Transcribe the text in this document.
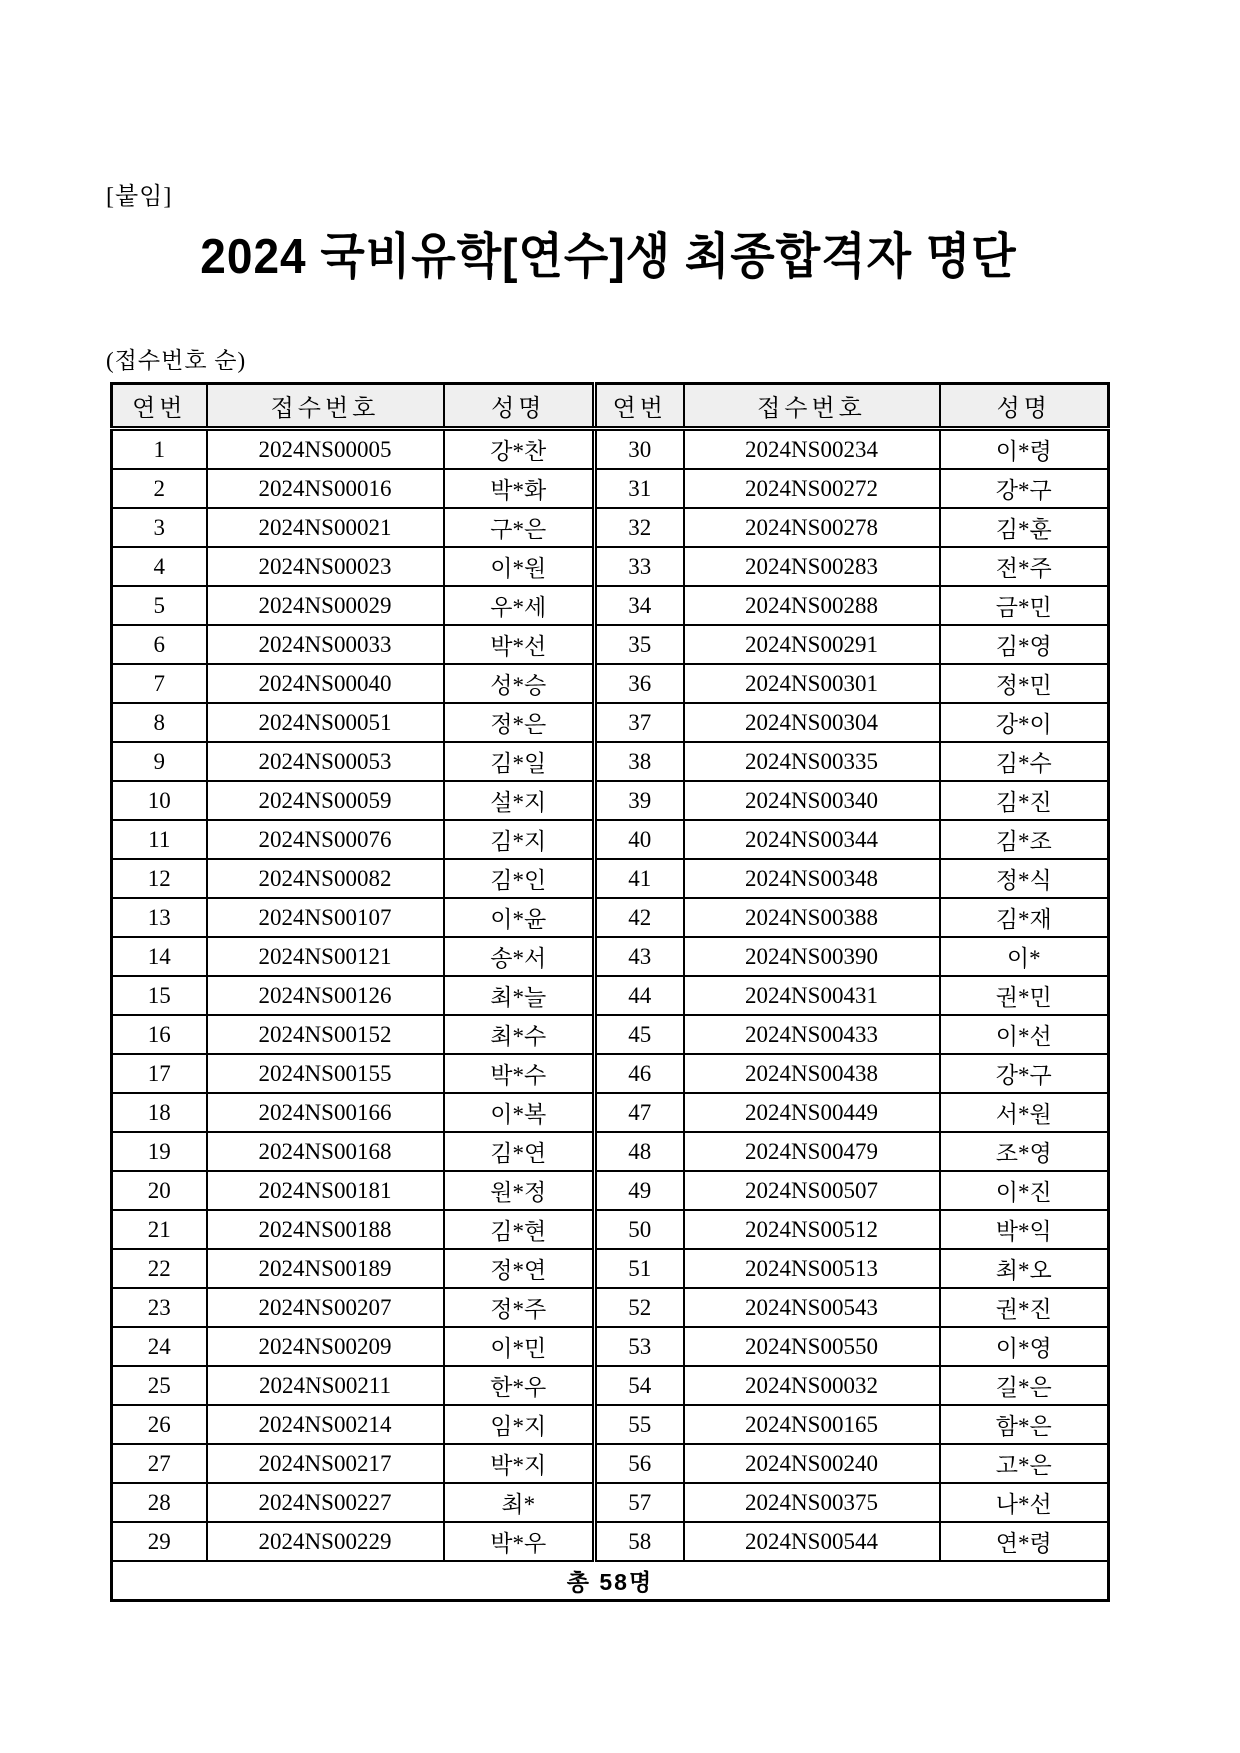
[붙임]
2024 국비유학[연수]생 최종합격자 명단
(접수번호 순)
연번	접수번호	성명	연번	접수번호	성명
1	2024NS00005	강*찬	30	2024NS00234	이*령
2	2024NS00016	박*화	31	2024NS00272	강*구
3	2024NS00021	구*은	32	2024NS00278	김*훈
4	2024NS00023	이*원	33	2024NS00283	전*주
5	2024NS00029	우*세	34	2024NS00288	금*민
6	2024NS00033	박*선	35	2024NS00291	김*영
7	2024NS00040	성*승	36	2024NS00301	정*민
8	2024NS00051	정*은	37	2024NS00304	강*이
9	2024NS00053	김*일	38	2024NS00335	김*수
10	2024NS00059	설*지	39	2024NS00340	김*진
11	2024NS00076	김*지	40	2024NS00344	김*조
12	2024NS00082	김*인	41	2024NS00348	정*식
13	2024NS00107	이*윤	42	2024NS00388	김*재
14	2024NS00121	송*서	43	2024NS00390	이*
15	2024NS00126	최*늘	44	2024NS00431	권*민
16	2024NS00152	최*수	45	2024NS00433	이*선
17	2024NS00155	박*수	46	2024NS00438	강*구
18	2024NS00166	이*복	47	2024NS00449	서*원
19	2024NS00168	김*연	48	2024NS00479	조*영
20	2024NS00181	원*정	49	2024NS00507	이*진
21	2024NS00188	김*현	50	2024NS00512	박*익
22	2024NS00189	정*연	51	2024NS00513	최*오
23	2024NS00207	정*주	52	2024NS00543	권*진
24	2024NS00209	이*민	53	2024NS00550	이*영
25	2024NS00211	한*우	54	2024NS00032	길*은
26	2024NS00214	임*지	55	2024NS00165	함*은
27	2024NS00217	박*지	56	2024NS00240	고*은
28	2024NS00227	최*	57	2024NS00375	나*선
29	2024NS00229	박*우	58	2024NS00544	연*령
총 58명					
